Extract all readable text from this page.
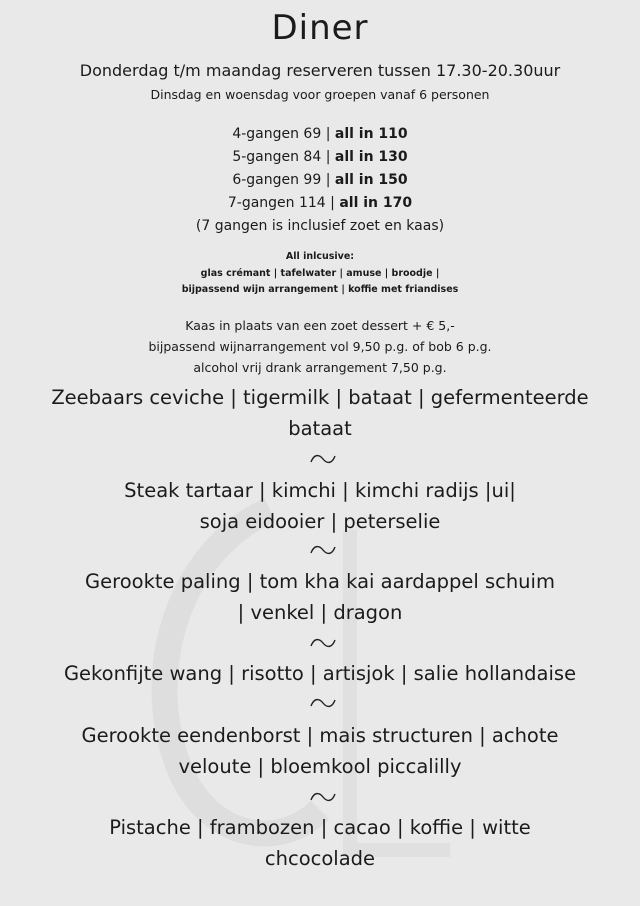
Diner
Donderdag t/m maandag reserveren tussen 17.30-20.30uur
Dinsdag en woensdag voor groepen vanaf 6 personen
4-gangen 69 | all in 110
5-gangen 84 | all in 130
6-gangen 99 | all in 150
7-gangen 114 | all in 170
(7 gangen is inclusief zoet en kaas)
All inlcusive:
glas crémant | tafelwater | amuse | broodje |
bijpassend wijn arrangement | koffie met friandises
Kaas in plaats van een zoet dessert + € 5,-
bijpassend wijnarrangement vol 9,50 p.g. of bob 6 p.g.
alcohol vrij drank arrangement 7,50 p.g.
Zeebaars ceviche | tigermilk | bataat | gefermenteerde
bataat
Steak tartaar | kimchi | kimchi radijs |ui|
soja eidooier | peterselie
Gerookte paling | tom kha kai aardappel schuim
| venkel | dragon
Gekonfijte wang | risotto | artisjok | salie hollandaise
Gerookte eendenborst | mais structuren | achote
veloute | bloemkool piccalilly
Pistache | frambozen | cacao | koffie | witte
chcocolade
